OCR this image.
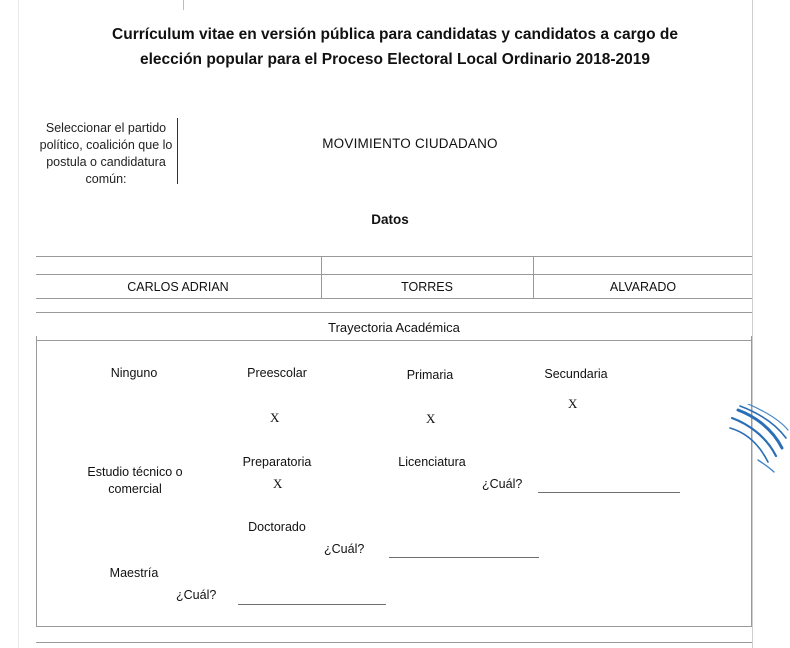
Currículum vitae en versión pública para candidatas y candidatos a cargo de
elección popular para el Proceso Electoral Local Ordinario 2018-2019
Seleccionar el partido político, coalición que lo postula o candidatura común:
MOVIMIENTO CIUDADANO
Datos
CARLOS ADRIAN	TORRES	ALVARADO
Trayectoria Académica
Ninguno	Preescolar
X
Primaria
X
Secundaria
X
Estudio técnico o comercial
Preparatoria
X
Licenciatura
¿Cuál?
Doctorado
¿Cuál?
Maestría
¿Cuál?
